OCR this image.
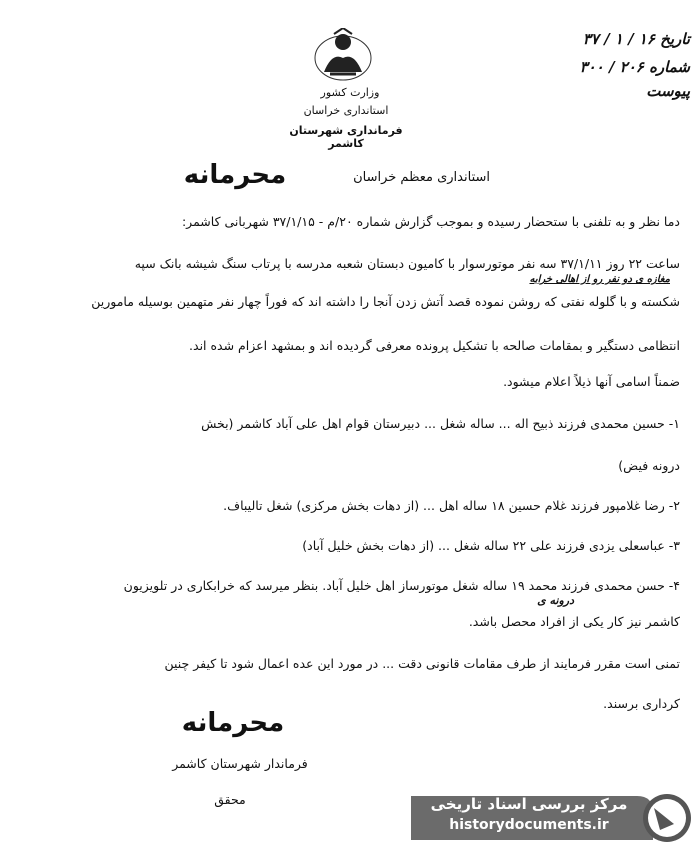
وزارت کشور
استانداری خراسان
فرمانداری شهرستان کاشمر
تاریخ ۱۶ / ۱ / ۳۷
شماره ۲۰۶ / ۳۰۰
پیوست
استانداری معظم خراسان
محرمانه
دما نظر و به تلفنی با ستحضار رسیده و بموجب گزارش شماره ۲۰/م - ۳۷/۱/۱۵ شهربانی کاشمر:
ساعت ۲۲ روز ۳۷/۱/۱۱ سه نفر موتورسوار با کامیون دبستان شعبه مدرسه با پرتاب سنگ شیشه بانک سپه
مغازه ی دو نفر رو از اهالی خرابه
شکسته و با گلوله نفتی که روشن نموده قصد آتش زدن آنجا را داشته اند که فوراً چهار نفر متهمین بوسیله مامورین
انتظامی دستگیر و بمقامات صالحه با تشکیل پرونده معرفی گردیده اند و بمشهد اعزام شده اند.
ضمناً اسامی آنها ذیلاً اعلام میشود.
۱- حسین محمدی فرزند ذبیح اله ... ساله شغل ... دبیرستان قوام اهل علی آباد کاشمر (بخش
درونه فیض)
۲- رضا غلامپور فرزند غلام حسین ۱۸ ساله اهل ... (از دهات بخش مرکزی) شغل تالیباف.
۳- عباسعلی یزدی فرزند علی ۲۲ ساله شغل ... (از دهات بخش خلیل آباد)
۴- حسن محمدی فرزند محمد ۱۹ ساله شغل موتورساز اهل خلیل آباد. بنظر میرسد که خرابکاری در تلویزیون
درونه ی
کاشمر نیز کار یکی از افراد محصل باشد.
تمنی است مقرر فرمایند از طرف مقامات قانونی دقت ... در مورد این عده اعمال شود تا کیفر چنین
کرداری برسند.
محرمانه
فرماندار شهرستان کاشمر
محقق	مرکز بررسی اسناد تاریخی
historydocuments.ir
